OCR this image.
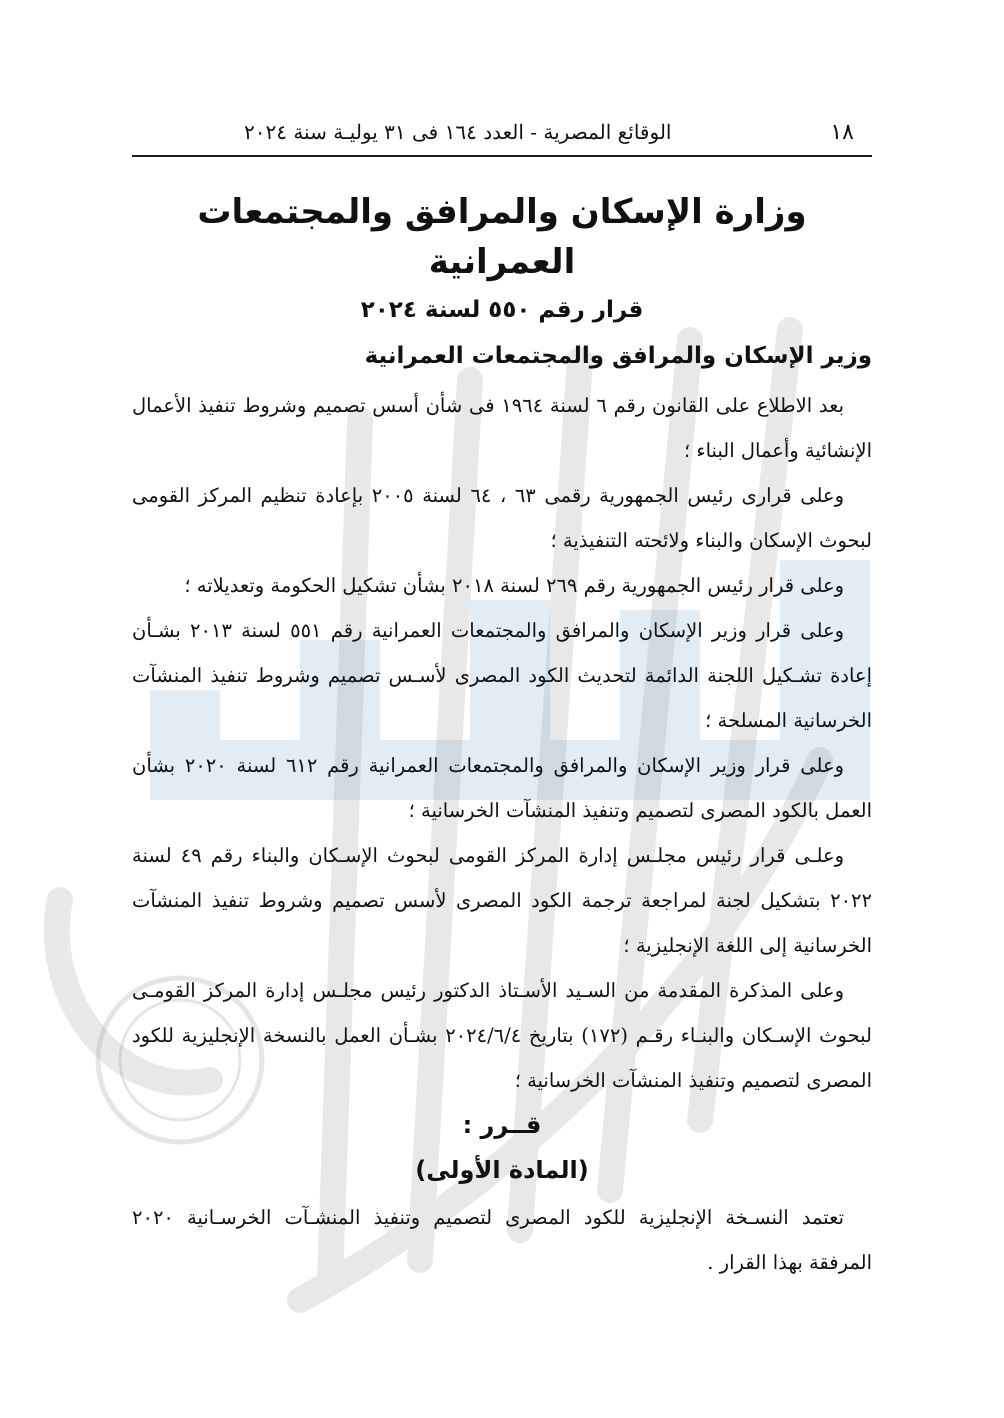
١٨
الوقائع المصرية - العدد ١٦٤ فى ٣١ يوليـة سنة ٢٠٢٤
وزارة الإسكان والمرافق والمجتمعات العمرانية
قرار رقم ٥٥٠ لسنة ٢٠٢٤
وزير الإسكان والمرافق والمجتمعات العمرانية

بعد الاطلاع على القانون رقم ٦ لسنة ١٩٦٤ فى شأن أسس تصميم وشروط تنفيذ الأعمال الإنشائية وأعمال البناء ؛

وعلى قرارى رئيس الجمهورية رقمى ٦٣ ، ٦٤ لسنة ٢٠٠٥ بإعادة تنظيم المركز القومى لبحوث الإسكان والبناء ولائحته التنفيذية ؛

وعلى قرار رئيس الجمهورية رقم ٢٦٩ لسنة ٢٠١٨ بشأن تشكيل الحكومة وتعديلاته ؛

وعلى قرار وزير الإسكان والمرافق والمجتمعات العمرانية رقم ٥٥١ لسنة ٢٠١٣ بشـأن إعادة تشـكيل اللجنة الدائمة لتحديث الكود المصرى لأسـس تصميم وشروط تنفيذ المنشآت الخرسانية المسلحة ؛

وعلى قرار وزير الإسكان والمرافق والمجتمعات العمرانية رقم ٦١٢ لسنة ٢٠٢٠ بشأن العمل بالكود المصرى لتصميم وتنفيذ المنشآت الخرسانية ؛

وعلـى قرار رئيس مجلـس إدارة المركز القومى لبحوث الإسـكان والبناء رقم ٤٩ لسنة ٢٠٢٢ بتشكيل لجنة لمراجعة ترجمة الكود المصرى لأسس تصميم وشروط تنفيذ المنشآت الخرسانية إلى اللغة الإنجليزية ؛

وعلى المذكرة المقدمة من السـيد الأسـتاذ الدكتور رئيس مجلـس إدارة المركز القومـى لبحوث الإسـكان والبنـاء رقـم (١٧٢) بتاريخ ٢٠٢٤/٦/٤ بشـأن العمل بالنسخة الإنجليزية للكود المصرى لتصميم وتنفيذ المنشآت الخرسانية ؛

قــرر :
(المادة الأولى)

تعتمد النسـخة الإنجليزية للكود المصرى لتصميم وتنفيذ المنشـآت الخرسـانية ٢٠٢٠ المرفقة بهذا القرار .
